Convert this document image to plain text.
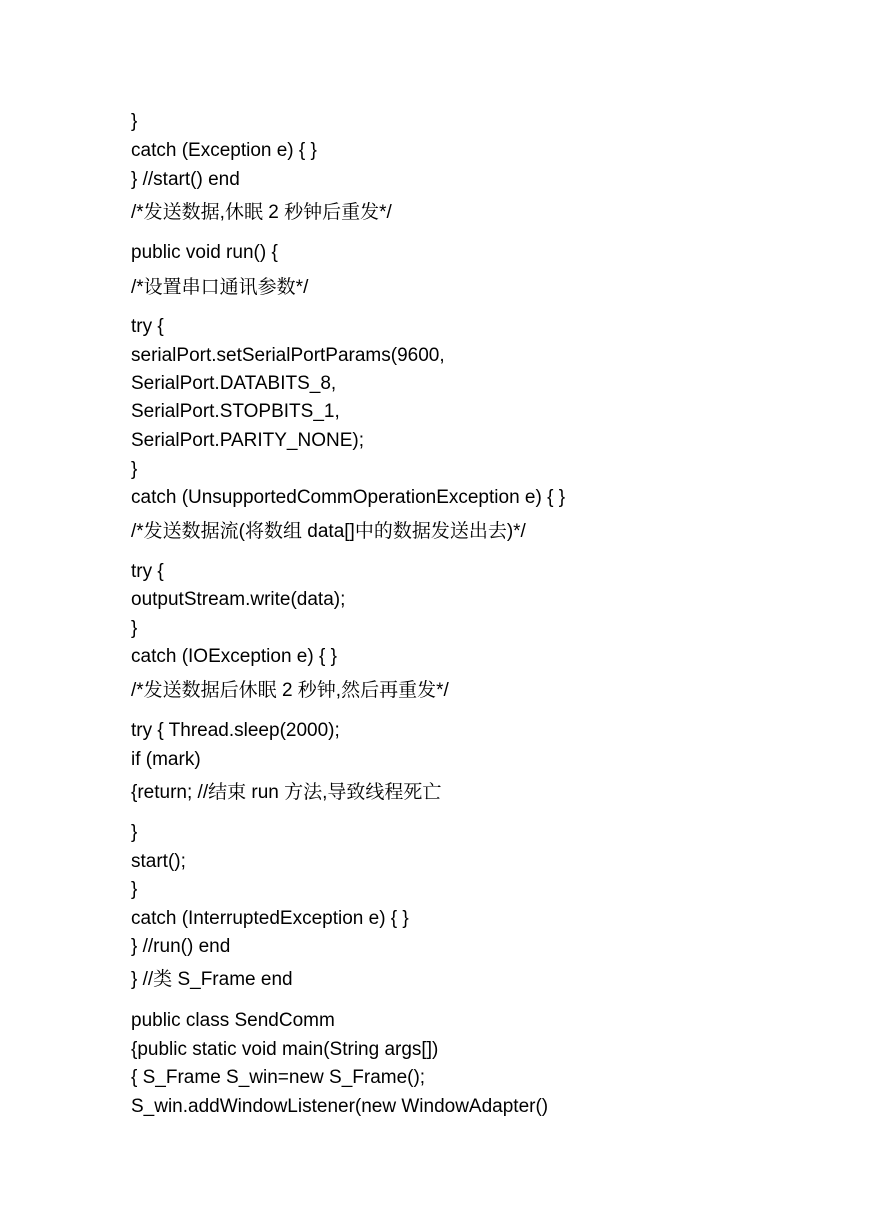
}
catch (Exception e) { }
} //start() end
/*发送数据,休眠 2 秒钟后重发*/
public void run() {
/*设置串口通讯参数*/
try {
serialPort.setSerialPortParams(9600,
SerialPort.DATABITS_8,
SerialPort.STOPBITS_1,
SerialPort.PARITY_NONE);
}
catch (UnsupportedCommOperationException e) { }
/*发送数据流(将数组 data[]中的数据发送出去)*/
try {
outputStream.write(data);
}
catch (IOException e) { }
/*发送数据后休眠 2 秒钟,然后再重发*/
try { Thread.sleep(2000);
if (mark)
{return; //结束 run 方法,导致线程死亡
}
start();
}
catch (InterruptedException e) { }
} //run() end
} //类 S_Frame end
public class SendComm
{public static void main(String args[])
{ S_Frame S_win=new S_Frame();
S_win.addWindowListener(new WindowAdapter()
